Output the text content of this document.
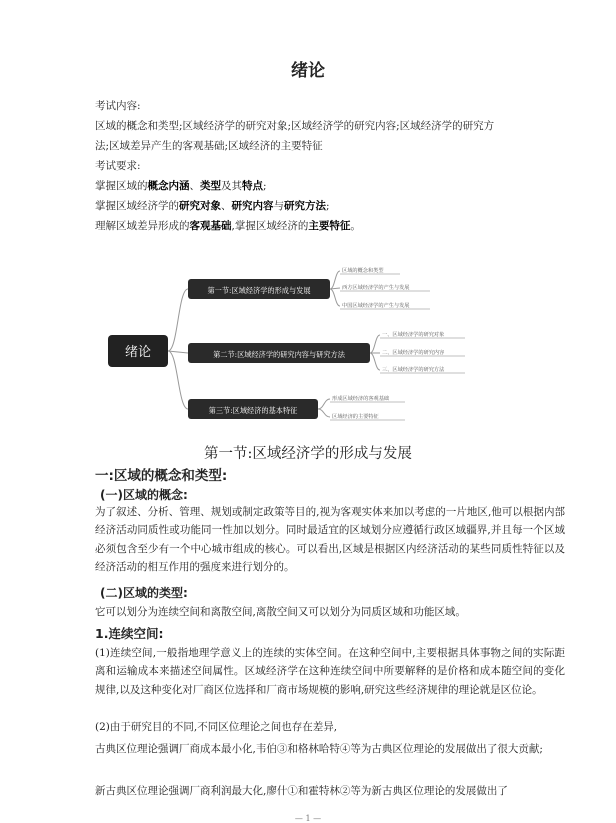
绪论
考试内容:
区域的概念和类型;区域经济学的研究对象;区域经济学的研究内容;区域经济学的研究方
法;区域差异产生的客观基础;区域经济的主要特征
考试要求:
掌握区域的概念内涵、类型及其特点;
掌握区域经济学的研究对象、研究内容与研究方法;
理解区域差异形成的客观基础,掌握区域经济的主要特征。
绪论
第一节:区域经济学的形成与发展
第二节:区域经济学的研究内容与研究方法
第三节:区域经济的基本特征
区域的概念和类型
西方区域经济学的产生与发展
中国区域经济学的产生与发展
一、区域经济学的研究对象
二、区域经济学的研究内容
三、区域经济学的研究方法
形成区域经济的客观基础
区域经济的主要特征
第一节:区域经济学的形成与发展
一:区域的概念和类型:
(一)区域的概念:
为了叙述、分析、管理、规划或制定政策等目的,视为客观实体来加以考虑的一片地区,他可以根据内部经济活动同质性或功能同一性加以划分。同时最适宜的区域划分应遵循行政区域疆界,并且每一个区域必须包含至少有一个中心城市组成的核心。可以看出,区域是根据区内经济活动的某些同质性特征以及经济活动的相互作用的强度来进行划分的。
(二)区域的类型:
它可以划分为连续空间和离散空间,离散空间又可以划分为同质区域和功能区域。
1.连续空间:
(1)连续空间,一般指地理学意义上的连续的实体空间。在这种空间中,主要根据具体事物之间的实际距离和运输成本来描述空间属性。区域经济学在这种连续空间中所要解释的是价格和成本随空间的变化规律,以及这种变化对厂商区位选择和厂商市场规模的影响,研究这些经济规律的理论就是区位论。
(2)由于研究目的不同,不同区位理论之间也存在差异,
古典区位理论强调厂商成本最小化,韦伯③和格林哈特④等为古典区位理论的发展做出了很大贡献;
新古典区位理论强调厂商利润最大化,廖什①和霍特林②等为新古典区位理论的发展做出了
— 1 —
